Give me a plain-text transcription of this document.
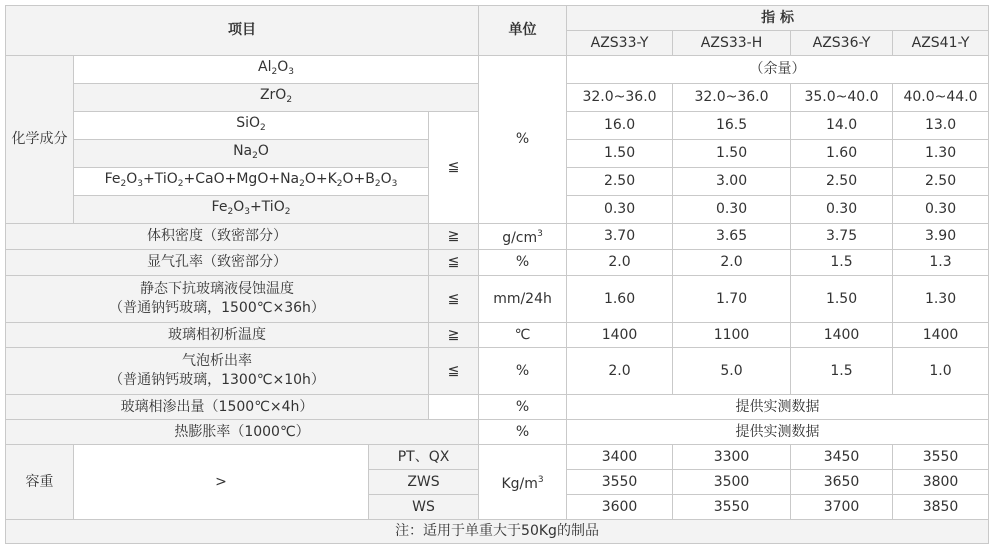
项目				单位	指 标			
					AZS33-Y	AZS33-H	AZS36-Y	AZS41-Y
化学成分	$Al_2O_3$			%	（余量）			
	ZrO$_2$				32.0~36.0	32.0~36.0	35.0~40.0	40.0~44.0
	SiO$_2$		≦		16.0	16.5	14.0	13.0
	$Na_2O$				1.50	1.50	1.60	1.30
	$Fe_2O_3+TiO_2+CaO+MgO+Na_2O+K_2O+B_2O_3$				2.50	3.00	2.50	2.50
	$Fe_2O_3+TiO_2$				0.30	0.30	0.30	0.30
体积密度（致密部分）			≧	$g/cm^3$	3.70	3.65	3.75	3.90
显气孔率（致密部分）			≦	%	2.0	2.0	1.5	1.3

静态下抗玻璃液侵蚀温度
（普通钠钙玻璃，1500℃×36h）			≦	mm/24h	1.60	1.70	1.50	1.30
玻璃相初析温度			≧	℃	1400	1100	1400	1400

气泡析出率
（普通钠钙玻璃，1300℃×10h）			≦	%	2.0	5.0	1.5	1.0
玻璃相渗出量（1500℃×4h）				%	提供实测数据			
热膨胀率（1000℃）				%	提供实测数据			
容重	>	PT、QX		$Kg/m^3$	3400	3300	3450	3550
		ZWS			3550	3500	3650	3800
		WS			3600	3550	3700	3850
注：适用于单重大于50Kg的制品								
